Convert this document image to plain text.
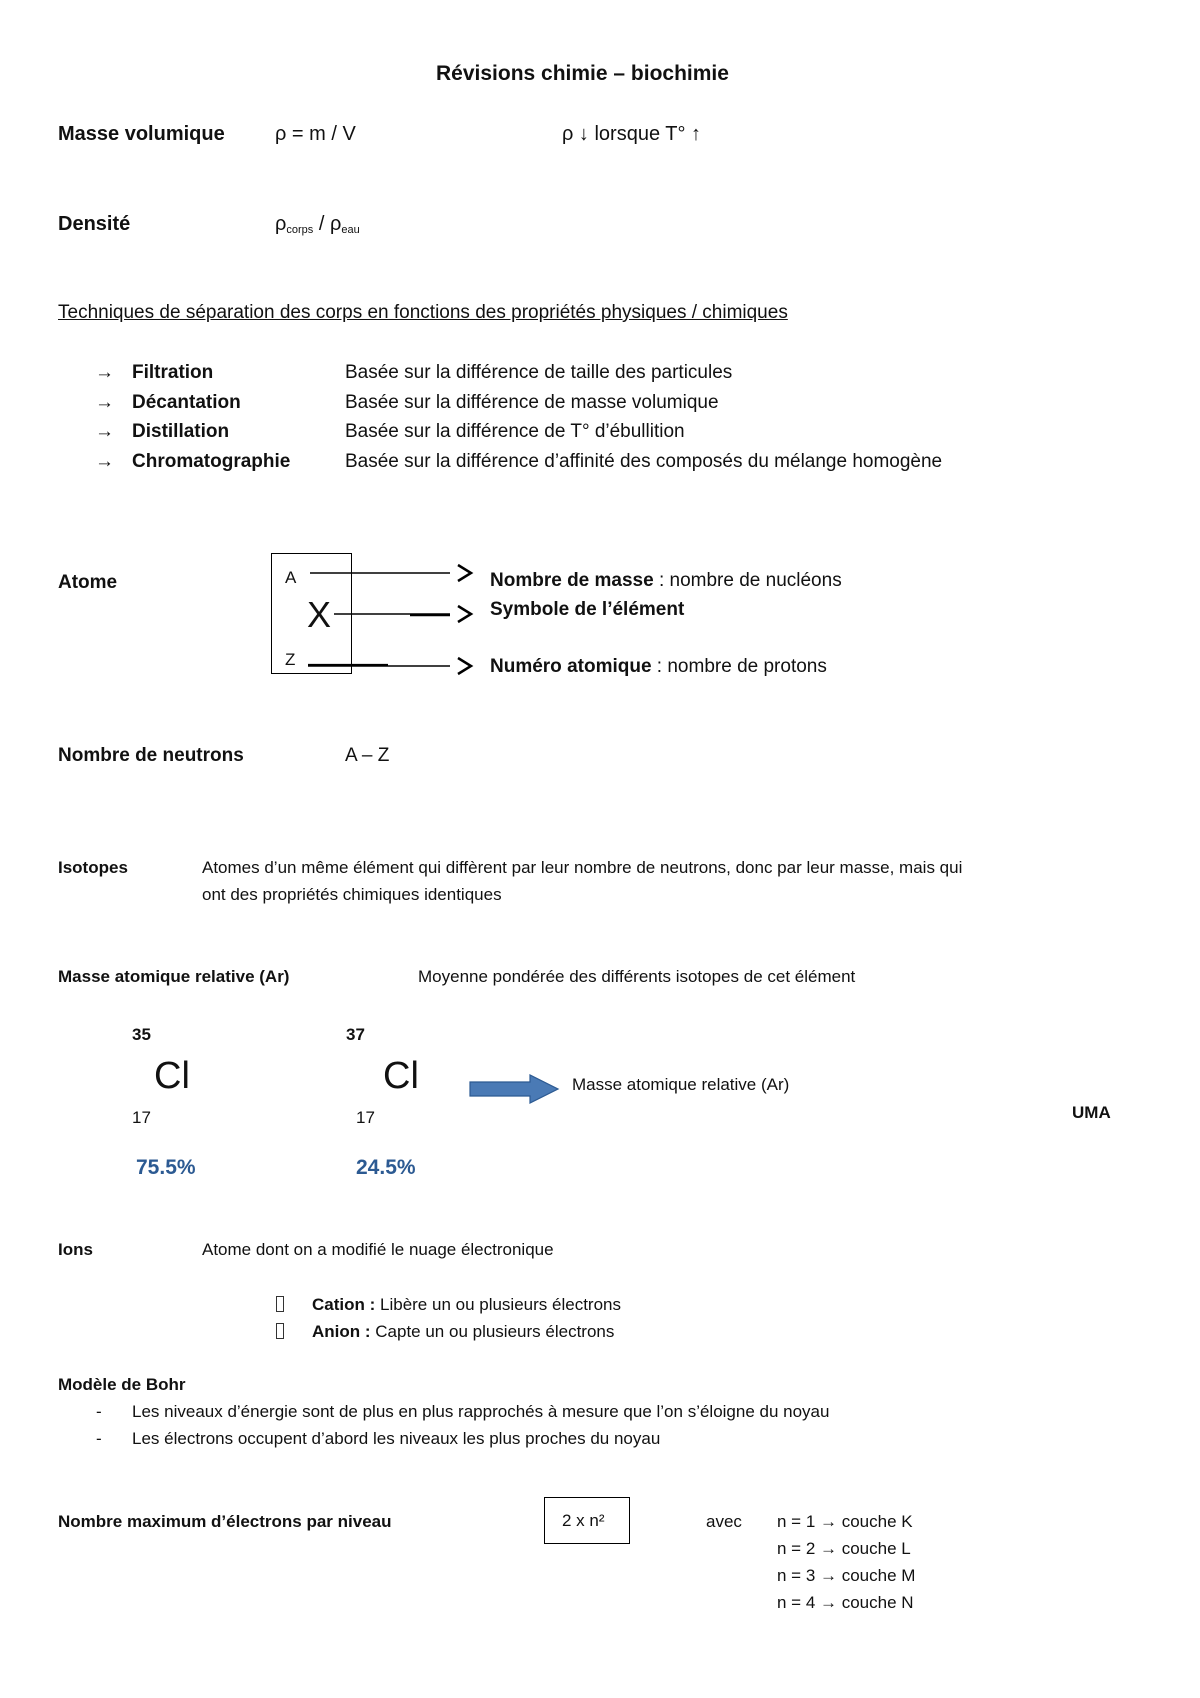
Révisions chimie – biochimie
Masse volumique	ρ = m / V	ρ ↓ lorsque T° ↑
Densité	$\rho_{corps} / \rho_{eau}$
Techniques de séparation des corps en fonctions des propriétés physiques / chimiques
→ Filtration	Basée sur la différence de taille des particules
→ Décantation	Basée sur la différence de masse volumique
→ Distillation	Basée sur la différence de T° d’ébullition
→ Chromatographie	Basée sur la différence d’affinité des composés du mélange homogène
Atome	A
X
Z
Nombre de masse : nombre de nucléons
Symbole de l’élément
Numéro atomique : nombre de protons
Nombre de neutrons	A – Z
Isotopes	Atomes d’un même élément qui diffèrent par leur nombre de neutrons, donc par leur masse, mais qui
ont des propriétés chimiques identiques
Masse atomique relative (Ar)	Moyenne pondérée des différents isotopes de cet élément
35
Cl
17
75.5%
37
Cl
17
24.5%
Masse atomique relative (Ar)
UMA
Ions	Atome dont on a modifié le nuage électronique
Cation : Libère un ou plusieurs électrons
Anion : Capte un ou plusieurs électrons
Modèle de Bohr
- Les niveaux d’énergie sont de plus en plus rapprochés à mesure que l’on s’éloigne du noyau
- Les électrons occupent d’abord les niveaux les plus proches du noyau
Nombre maximum d’électrons par niveau	2 x n²	avec n = 1 → couche K
n = 2 → couche L
n = 3 → couche M
n = 4 → couche N
